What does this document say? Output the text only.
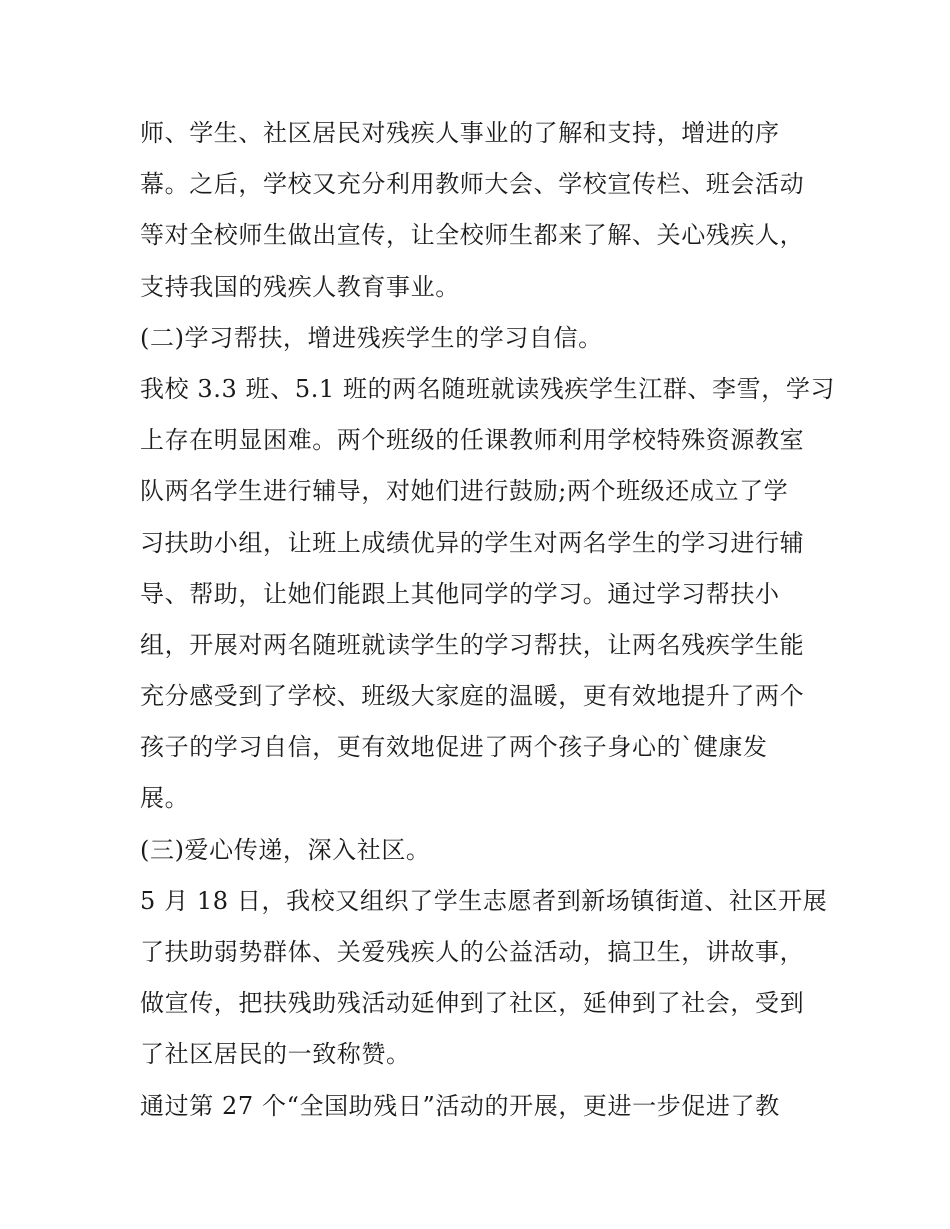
师、学生、社区居民对残疾人事业的了解和支持，增进的序
幕。之后，学校又充分利用教师大会、学校宣传栏、班会活动
等对全校师生做出宣传，让全校师生都来了解、关心残疾人，
支持我国的残疾人教育事业。
(二)学习帮扶，增进残疾学生的学习自信。
我校 3.3 班、5.1 班的两名随班就读残疾学生江群、李雪，学习
上存在明显困难。两个班级的任课教师利用学校特殊资源教室
队两名学生进行辅导，对她们进行鼓励;两个班级还成立了学
习扶助小组，让班上成绩优异的学生对两名学生的学习进行辅
导、帮助，让她们能跟上其他同学的学习。通过学习帮扶小
组，开展对两名随班就读学生的学习帮扶，让两名残疾学生能
充分感受到了学校、班级大家庭的温暖，更有效地提升了两个
孩子的学习自信，更有效地促进了两个孩子身心的`健康发
展。
(三)爱心传递，深入社区。
5 月 18 日，我校又组织了学生志愿者到新场镇街道、社区开展
了扶助弱势群体、关爱残疾人的公益活动，搞卫生，讲故事，
做宣传，把扶残助残活动延伸到了社区，延伸到了社会，受到
了社区居民的一致称赞。
通过第 27 个“全国助残日”活动的开展，更进一步促进了教
